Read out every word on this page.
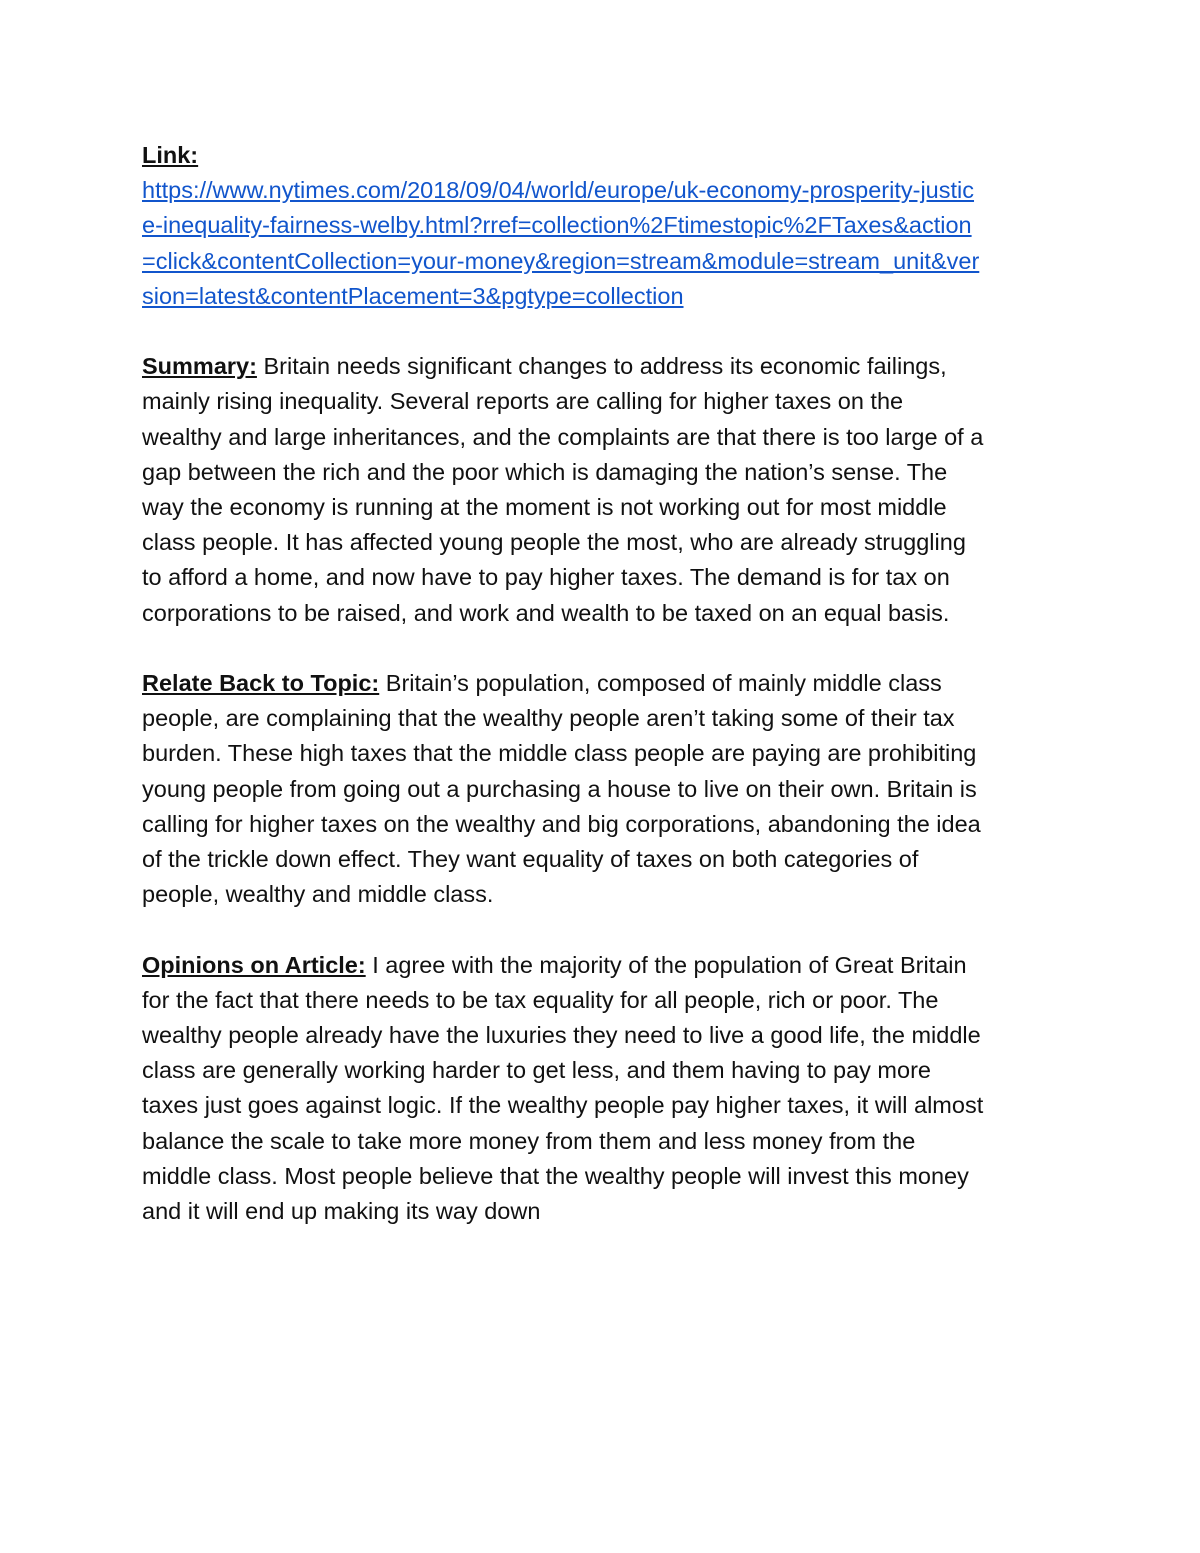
Link:
https://www.nytimes.com/2018/09/04/world/europe/uk-economy-prosperity-justic
e-inequality-fairness-welby.html?rref=collection%2Ftimestopic%2FTaxes&action
=click&contentCollection=your-money&region=stream&module=stream_unit&ver
sion=latest&contentPlacement=3&pgtype=collection
Summary: Britain needs significant changes to address its economic failings,
mainly rising inequality. Several reports are calling for higher taxes on the
wealthy and large inheritances, and the complaints are that there is too large of a
gap between the rich and the poor which is damaging the nation’s sense. The
way the economy is running at the moment is not working out for most middle
class people. It has affected young people the most, who are already struggling
to afford a home, and now have to pay higher taxes. The demand is for tax on
corporations to be raised, and work and wealth to be taxed on an equal basis.
Relate Back to Topic: Britain’s population, composed of mainly middle class
people, are complaining that the wealthy people aren’t taking some of their tax
burden. These high taxes that the middle class people are paying are prohibiting
young people from going out a purchasing a house to live on their own. Britain is
calling for higher taxes on the wealthy and big corporations, abandoning the idea
of the trickle down effect. They want equality of taxes on both categories of
people, wealthy and middle class.
Opinions on Article: I agree with the majority of the population of Great Britain
for the fact that there needs to be tax equality for all people, rich or poor. The
wealthy people already have the luxuries they need to live a good life, the middle
class are generally working harder to get less, and them having to pay more
taxes just goes against logic. If the wealthy people pay higher taxes, it will almost
balance the scale to take more money from them and less money from the
middle class. Most people believe that the wealthy people will invest this money
and it will end up making its way down
